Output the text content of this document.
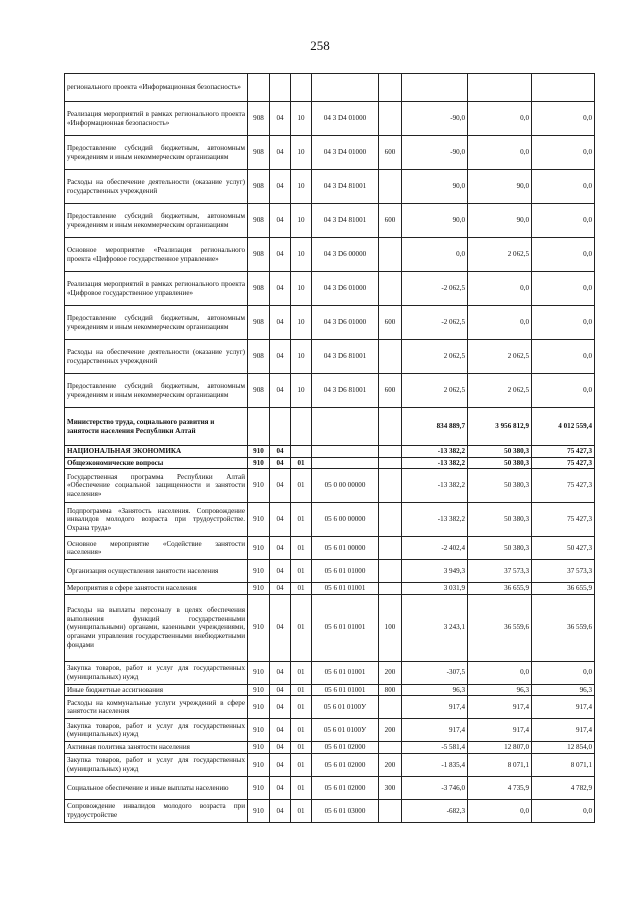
258
регионального проекта «Информационная безопасность»								
Реализация мероприятий в рамках регионального проекта «Информационная безопасность»	908	04	10	04 3 D4 01000		-90,0	0,0	0,0
Предоставление субсидий бюджетным, автономным учреждениям и иным некоммерческим организациям	908	04	10	04 3 D4 01000	600	-90,0	0,0	0,0
Расходы на обеспечение деятельности (оказание услуг) государственных учреждений	908	04	10	04 3 D4 81001		90,0	90,0	0,0
Предоставление субсидий бюджетным, автономным учреждениям и иным некоммерческим организациям	908	04	10	04 3 D4 81001	600	90,0	90,0	0,0
Основное мероприятие «Реализация регионального проекта «Цифровое государственное управление»	908	04	10	04 3 D6 00000		0,0	2 062,5	0,0
Реализация мероприятий в рамках регионального проекта «Цифровое государственное управление»	908	04	10	04 3 D6 01000		-2 062,5	0,0	0,0
Предоставление субсидий бюджетным, автономным учреждениям и иным некоммерческим организациям	908	04	10	04 3 D6 01000	600	-2 062,5	0,0	0,0
Расходы на обеспечение деятельности (оказание услуг) государственных учреждений	908	04	10	04 3 D6 81001		2 062,5	2 062,5	0,0
Предоставление субсидий бюджетным, автономным учреждениям и иным некоммерческим организациям	908	04	10	04 3 D6 81001	600	2 062,5	2 062,5	0,0
Министерство труда, социального развития и занятости населения Республики Алтай						834 889,7	3 956 812,9	4 012 559,4
НАЦИОНАЛЬНАЯ ЭКОНОМИКА	910	04				-13 382,2	50 380,3	75 427,3
Общеэкономические вопросы	910	04	01			-13 382,2	50 380,3	75 427,3
Государственная программа Республики Алтай «Обеспечение социальной защищенности и занятости населения»	910	04	01	05 0 00 00000		-13 382,2	50 380,3	75 427,3
Подпрограмма «Занятость населения. Сопровождение инвалидов молодого возраста при трудоустройстве. Охрана труда»	910	04	01	05 6 00 00000		-13 382,2	50 380,3	75 427,3
Основное мероприятие «Содействие занятости населения»	910	04	01	05 6 01 00000		-2 402,4	50 380,3	50 427,3
Организация осуществления занятости населения	910	04	01	05 6 01 01000		3 949,3	37 573,3	37 573,3
Мероприятия в сфере занятости населения	910	04	01	05 6 01 01001		3 031,9	36 655,9	36 655,9
Расходы на выплаты персоналу в целях обеспечения выполнения функций государственными (муниципальными) органами, казенными учреждениями, органами управления государственными внебюджетными фондами	910	04	01	05 6 01 01001	100	3 243,1	36 559,6	36 559,6
Закупка товаров, работ и услуг для государственных (муниципальных) нужд	910	04	01	05 6 01 01001	200	-307,5	0,0	0,0
Иные бюджетные ассигнования	910	04	01	05 6 01 01001	800	96,3	96,3	96,3
Расходы на коммунальные услуги учреждений в сфере занятости населения	910	04	01	05 6 01 0100У		917,4	917,4	917,4
Закупка товаров, работ и услуг для государственных (муниципальных) нужд	910	04	01	05 6 01 0100У	200	917,4	917,4	917,4
Активная политика занятости населения	910	04	01	05 6 01 02000		-5 581,4	12 807,0	12 854,0
Закупка товаров, работ и услуг для государственных (муниципальных) нужд	910	04	01	05 6 01 02000	200	-1 835,4	8 071,1	8 071,1
Социальное обеспечение и иные выплаты населению	910	04	01	05 6 01 02000	300	-3 746,0	4 735,9	4 782,9
Сопровождение инвалидов молодого возраста при трудоустройстве	910	04	01	05 6 01 03000		-682,3	0,0	0,0
